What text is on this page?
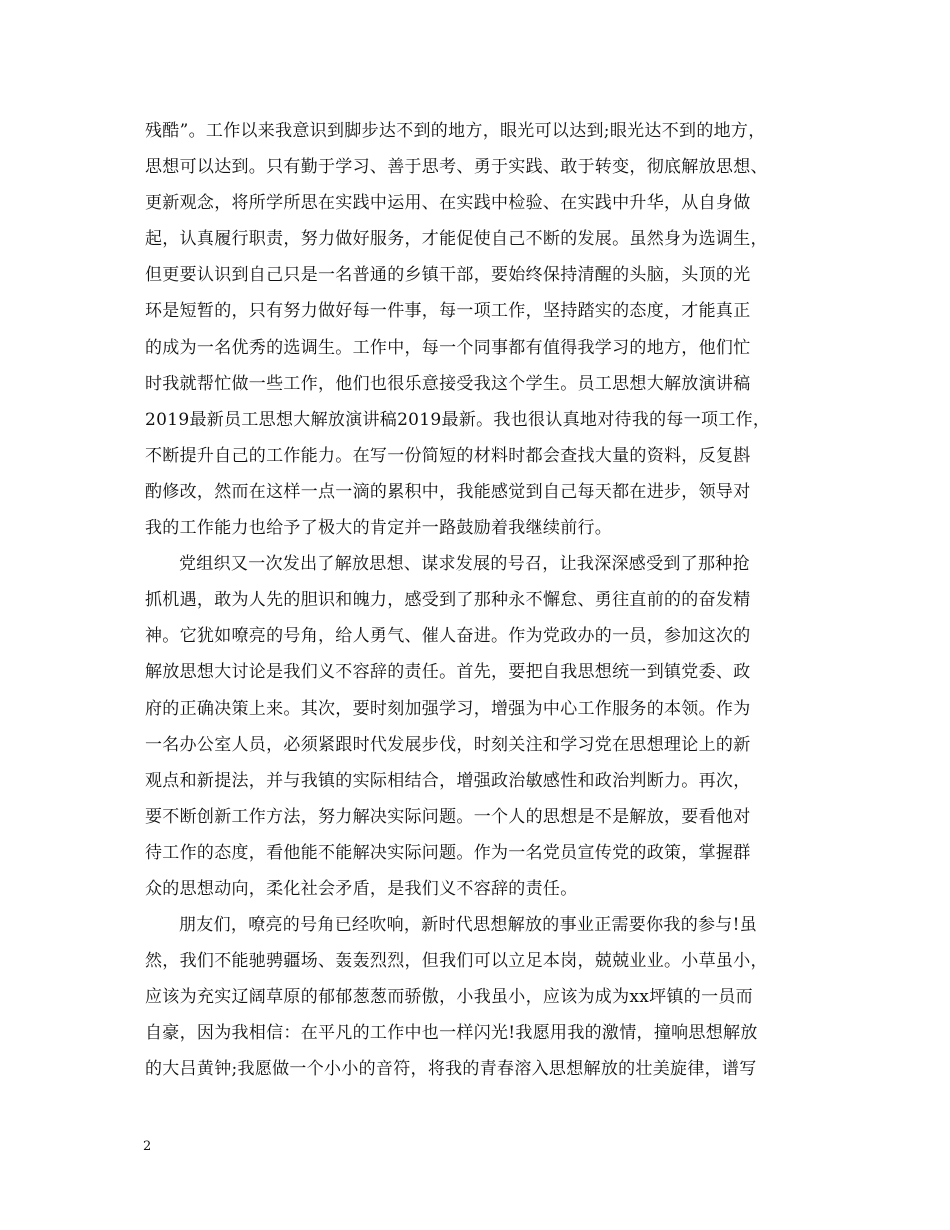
残酷”。工作以来我意识到脚步达不到的地方，眼光可以达到;眼光达不到的地方，
思想可以达到。只有勤于学习、善于思考、勇于实践、敢于转变，彻底解放思想、
更新观念，将所学所思在实践中运用、在实践中检验、在实践中升华，从自身做
起，认真履行职责，努力做好服务，才能促使自己不断的发展。虽然身为选调生，
但更要认识到自己只是一名普通的乡镇干部，要始终保持清醒的头脑，头顶的光
环是短暂的，只有努力做好每一件事，每一项工作，坚持踏实的态度，才能真正
的成为一名优秀的选调生。工作中，每一个同事都有值得我学习的地方，他们忙
时我就帮忙做一些工作，他们也很乐意接受我这个学生。员工思想大解放演讲稿
2019最新员工思想大解放演讲稿2019最新。我也很认真地对待我的每一项工作，
不断提升自己的工作能力。在写一份简短的材料时都会查找大量的资料，反复斟
酌修改，然而在这样一点一滴的累积中，我能感觉到自己每天都在进步，领导对
我的工作能力也给予了极大的肯定并一路鼓励着我继续前行。
党组织又一次发出了解放思想、谋求发展的号召，让我深深感受到了那种抢
抓机遇，敢为人先的胆识和魄力，感受到了那种永不懈怠、勇往直前的的奋发精
神。它犹如嘹亮的号角，给人勇气、催人奋进。作为党政办的一员，参加这次的
解放思想大讨论是我们义不容辞的责任。首先，要把自我思想统一到镇党委、政
府的正确决策上来。其次，要时刻加强学习，增强为中心工作服务的本领。作为
一名办公室人员，必须紧跟时代发展步伐，时刻关注和学习党在思想理论上的新
观点和新提法，并与我镇的实际相结合，增强政治敏感性和政治判断力。再次，
要不断创新工作方法，努力解决实际问题。一个人的思想是不是解放，要看他对
待工作的态度，看他能不能解决实际问题。作为一名党员宣传党的政策，掌握群
众的思想动向，柔化社会矛盾，是我们义不容辞的责任。
朋友们，嘹亮的号角已经吹响，新时代思想解放的事业正需要你我的参与!虽
然，我们不能驰骋疆场、轰轰烈烈，但我们可以立足本岗，兢兢业业。小草虽小，
应该为充实辽阔草原的郁郁葱葱而骄傲，小我虽小，应该为成为xx坪镇的一员而
自豪，因为我相信：在平凡的工作中也一样闪光!我愿用我的激情，撞响思想解放
的大吕黄钟;我愿做一个小小的音符，将我的青春溶入思想解放的壮美旋律，谱写
2
